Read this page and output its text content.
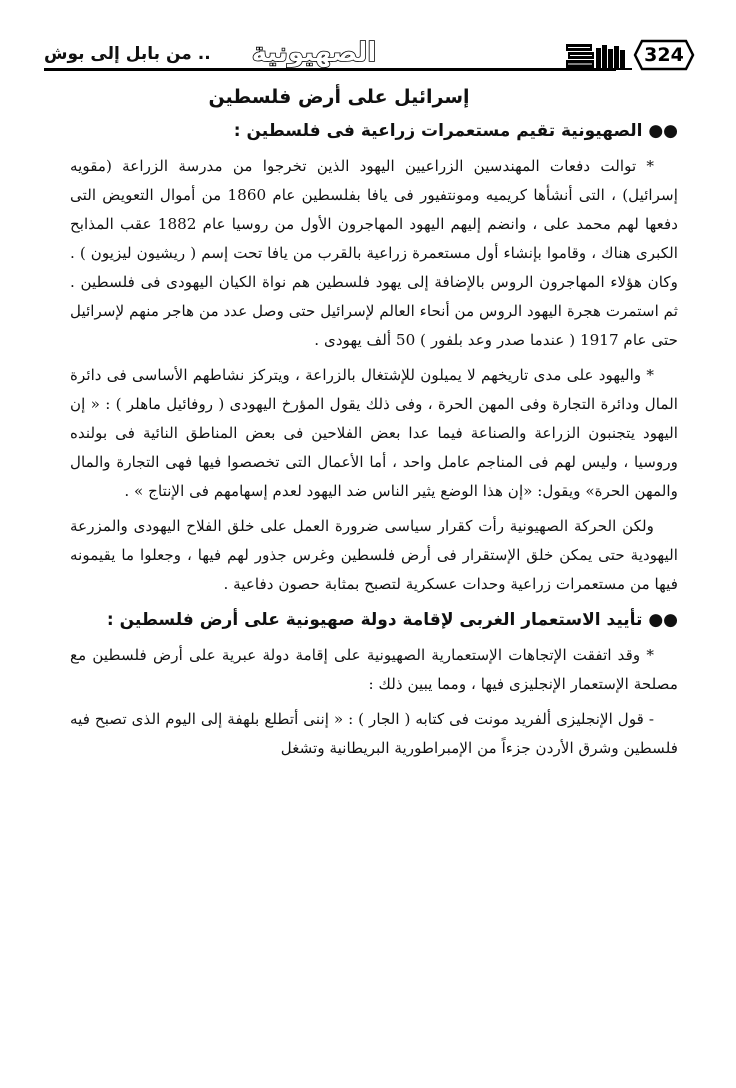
.. من بابل إلى بوش	الصهيونية	324
إسرائيل على أرض فلسطين
●● الصهيونية تقيم مستعمرات زراعية فى فلسطين :

* توالت دفعات المهندسين الزراعيين اليهود الذين تخرجوا من مدرسة الزراعة (مقويه إسرائيل) ، التى أنشأها كريميه ومونتفيور فى يافا بفلسطين عام 1860 من أموال التعويض التى دفعها لهم محمد على ، وانضم إليهم اليهود المهاجرون الأول من روسيا عام 1882 عقب المذابح الكبرى هناك ، وقاموا بإنشاء أول مستعمرة زراعية بالقرب من يافا تحت إسم ( ريشيون ليزيون ) . وكان هؤلاء المهاجرون الروس بالإضافة إلى يهود فلسطين هم نواة الكيان اليهودى فى فلسطين . ثم استمرت هجرة اليهود الروس من أنحاء العالم لإسرائيل حتى وصل عدد من هاجر منهم لإسرائيل حتى عام 1917 ( عندما صدر وعد بلفور ) 50 ألف يهودى .

* واليهود على مدى تاريخهم لا يميلون للإشتغال بالزراعة ، ويتركز نشاطهم الأساسى فى دائرة المال ودائرة التجارة وفى المهن الحرة ، وفى ذلك يقول المؤرخ اليهودى ( روفائيل ماهلر ) : « إن اليهود يتجنبون الزراعة والصناعة فيما عدا بعض الفلاحين فى بعض المناطق النائية فى بولنده وروسيا ، وليس لهم فى المناجم عامل واحد ، أما الأعمال التى تخصصوا فيها فهى التجارة والمال والمهن الحرة» ويقول: «إن هذا الوضع يثير الناس ضد اليهود لعدم إسهامهم فى الإنتاج » .

ولكن الحركة الصهيونية رأت كقرار سياسى ضرورة العمل على خلق الفلاح اليهودى والمزرعة اليهودية حتى يمكن خلق الإستقرار فى أرض فلسطين وغرس جذور لهم فيها ، وجعلوا ما يقيمونه فيها من مستعمرات زراعية وحدات عسكرية لتصبح بمثابة حصون دفاعية .

●● تأييد الاستعمار الغربى لإقامة دولة صهيونية على أرض فلسطين :

* وقد اتفقت الإتجاهات الإستعمارية الصهيونية على إقامة دولة عبرية على أرض فلسطين مع مصلحة الإستعمار الإنجليزى فيها ، ومما يبين ذلك :

- قول الإنجليزى ألفريد مونت فى كتابه ( الجار ) : « إننى أتطلع بلهفة إلى اليوم الذى تصبح فيه فلسطين وشرق الأردن جزءاً من الإمبراطورية البريطانية وتشغل
